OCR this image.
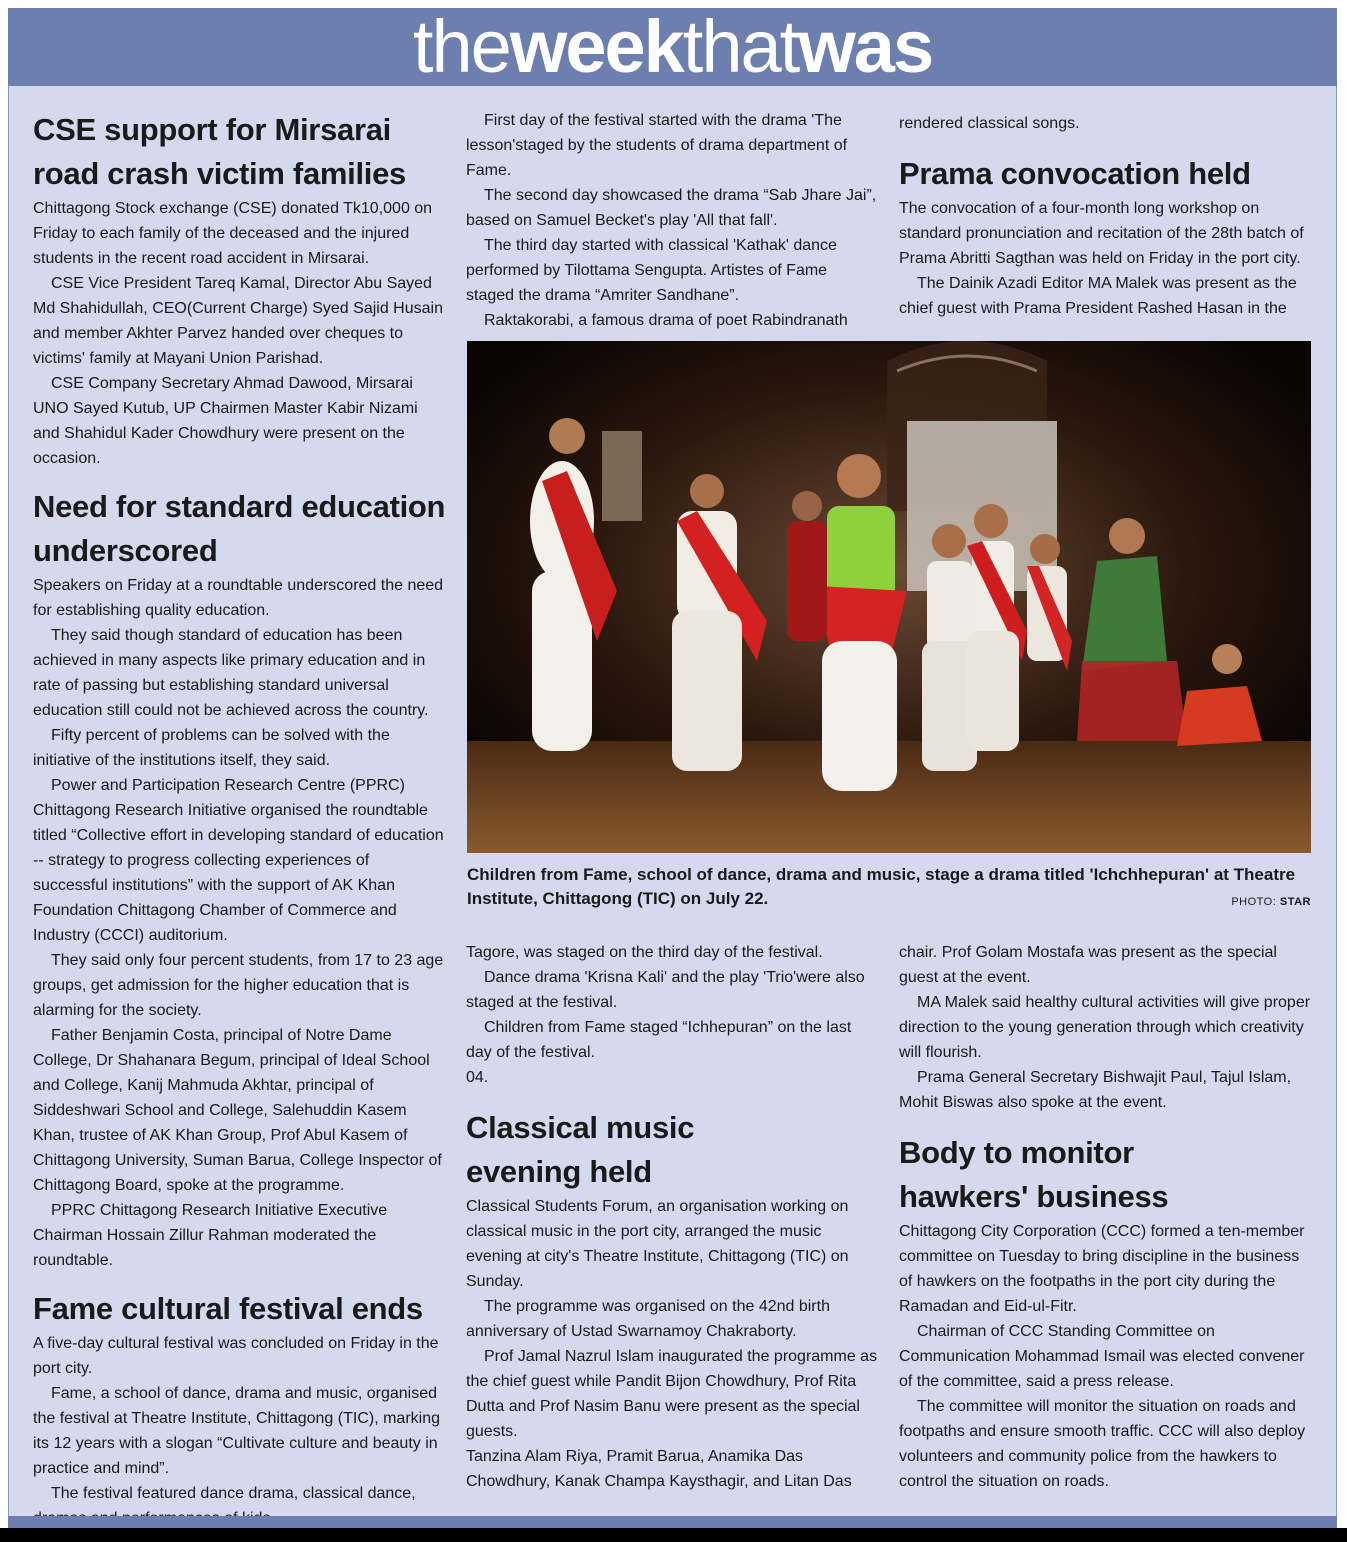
theweekthatwas
CSE support for Mirsarai road crash victim families

Chittagong Stock exchange (CSE) donated Tk10,000 on Friday to each family of the deceased and the injured students in the recent road accident in Mirsarai.

CSE Vice President Tareq Kamal, Director Abu Sayed Md Shahidullah, CEO(Current Charge) Syed Sajid Husain and member Akhter Parvez handed over cheques to victims' family at Mayani Union Parishad.

CSE Company Secretary Ahmad Dawood, Mirsarai UNO Sayed Kutub, UP Chairmen Master Kabir Nizami and Shahidul Kader Chowdhury were present on the occasion.

Need for standard education underscored

Speakers on Friday at a roundtable underscored the need for establishing quality education.

They said though standard of education has been achieved in many aspects like primary education and in rate of passing but establishing standard universal education still could not be achieved across the country.

Fifty percent of problems can be solved with the initiative of the institutions itself, they said.

Power and Participation Research Centre (PPRC) Chittagong Research Initiative organised the roundtable titled “Collective effort in developing standard of education -- strategy to progress collecting experiences of successful institutions” with the support of AK Khan Foundation Chittagong Chamber of Commerce and Industry (CCCI) auditorium.

They said only four percent students, from 17 to 23 age groups, get admission for the higher education that is alarming for the society.

Father Benjamin Costa, principal of Notre Dame College, Dr Shahanara Begum, principal of Ideal School and College, Kanij Mahmuda Akhtar, principal of Siddeshwari School and College, Salehuddin Kasem Khan, trustee of AK Khan Group, Prof Abul Kasem of Chittagong University, Suman Barua, College Inspector of Chittagong Board, spoke at the programme.

PPRC Chittagong Research Initiative Executive Chairman Hossain Zillur Rahman moderated the roundtable.

Fame cultural festival ends

A five-day cultural festival was concluded on Friday in the port city.

Fame, a school of dance, drama and music, organised the festival at Theatre Institute, Chittagong (TIC), marking its 12 years with a slogan “Cultivate culture and beauty in practice and mind”.

The festival featured dance drama, classical dance,

First day of the festival started with the drama 'The lesson'staged by the students of drama department of Fame.

The second day showcased the drama “Sab Jhare Jai”, based on Samuel Becket's play 'All that fall'.

The third day started with classical 'Kathak' dance performed by Tilottama Sengupta. Artistes of Fame staged the drama “Amriter Sandhane”.

Raktakorabi, a famous drama of poet Rabindranath

rendered classical songs.

Prama convocation held

The convocation of a four-month long workshop on standard pronunciation and recitation of the 28th batch of Prama Abritti Sagthan was held on Friday in the port city.

The Dainik Azadi Editor MA Malek was present as the chief guest with Prama President Rashed Hasan in the

Children from Fame, school of dance, drama and music, stage a drama titled 'Ichchhepuran' at Theatre Institute, Chittagong (TIC) on July 22.	PHOTO: STAR

Tagore, was staged on the third day of the festival.

Dance drama 'Krisna Kali' and the play 'Trio'were also staged at the festival.

Children from Fame staged “Ichhepuran” on the last day of the festival.

04.

Classical music evening held

Classical Students Forum, an organisation working on classical music in the port city, arranged the music evening at city's Theatre Institute, Chittagong (TIC) on Sunday.

The programme was organised on the 42nd birth anniversary of Ustad Swarnamoy Chakraborty.

Prof Jamal Nazrul Islam inaugurated the programme as the chief guest while Pandit Bijon Chowdhury, Prof Rita Dutta and Prof Nasim Banu were present as the special guests.

Tanzina Alam Riya, Pramit Barua, Anamika Das Chowdhury, Kanak Champa Kaysthagir, and Litan Das

chair. Prof Golam Mostafa was present as the special guest at the event.

MA Malek said healthy cultural activities will give proper direction to the young generation through which creativity will flourish.

Prama General Secretary Bishwajit Paul, Tajul Islam, Mohit Biswas also spoke at the event.

Body to monitor hawkers' business

Chittagong City Corporation (CCC) formed a ten-member committee on Tuesday to bring discipline in the business of hawkers on the footpaths in the port city during the Ramadan and Eid-ul-Fitr.

Chairman of CCC Standing Committee on Communication Mohammad Ismail was elected convener of the committee, said a press release.

The committee will monitor the situation on roads and footpaths and ensure smooth traffic. CCC will also deploy volunteers and community police from the hawkers to control the situation on roads.
